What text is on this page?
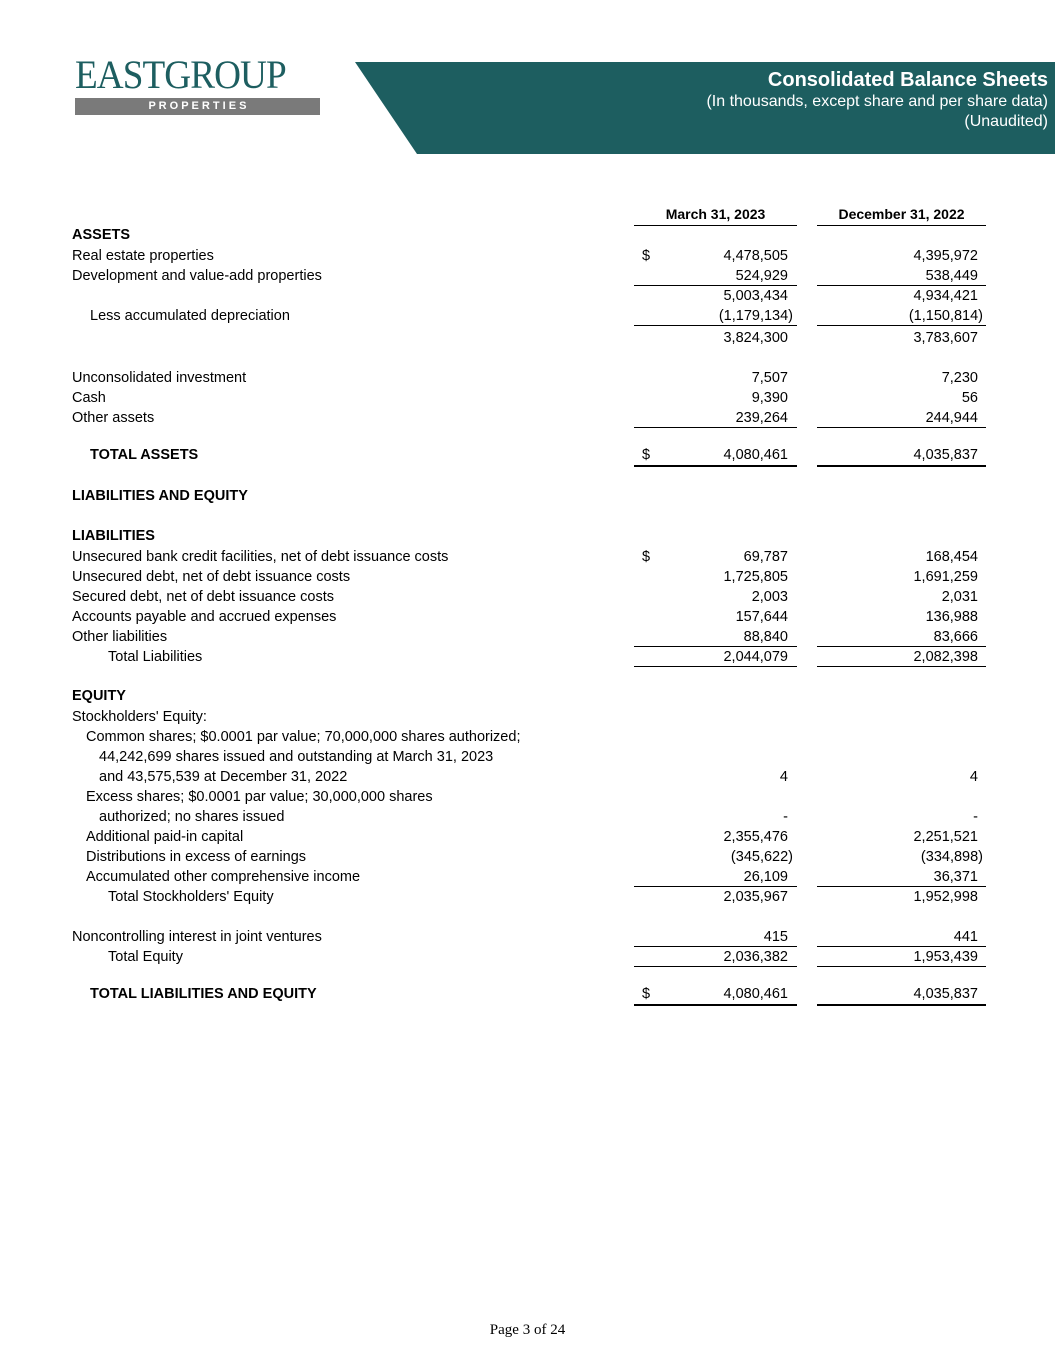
EASTGROUP
P R O P E R T I E S
Consolidated Balance Sheets
(In thousands, except share and per share data)
(Unaudited)
March 31, 2023	December 31, 2022
ASSETS
Real estate properties	$	4,478,505	4,395,972
Development and value-add properties	524,929	538,449
5,003,434	4,934,421
Less accumulated depreciation	(1,179,134)	(1,150,814)
3,824,300	3,783,607
Unconsolidated investment	7,507	7,230
Cash	9,390	56
Other assets	239,264	244,944
TOTAL ASSETS	$	4,080,461	4,035,837
LIABILITIES AND EQUITY
LIABILITIES
Unsecured bank credit facilities, net of debt issuance costs	$	69,787	168,454
Unsecured debt, net of debt issuance costs	1,725,805	1,691,259
Secured debt, net of debt issuance costs	2,003	2,031
Accounts payable and accrued expenses	157,644	136,988
Other liabilities	88,840	83,666
Total Liabilities	2,044,079	2,082,398
EQUITY
Stockholders' Equity:
Common shares; $0.0001 par value; 70,000,000 shares authorized;
44,242,699 shares issued and outstanding at March 31, 2023
and 43,575,539 at December 31, 2022	4	4
Excess shares; $0.0001 par value; 30,000,000 shares
authorized; no shares issued	-	-
Additional paid-in capital	2,355,476	2,251,521
Distributions in excess of earnings	(345,622)	(334,898)
Accumulated other comprehensive income	26,109	36,371
Total Stockholders' Equity	2,035,967	1,952,998
Noncontrolling interest in joint ventures	415	441
Total Equity	2,036,382	1,953,439
TOTAL LIABILITIES AND EQUITY	$	4,080,461	4,035,837
Page 3 of 24
